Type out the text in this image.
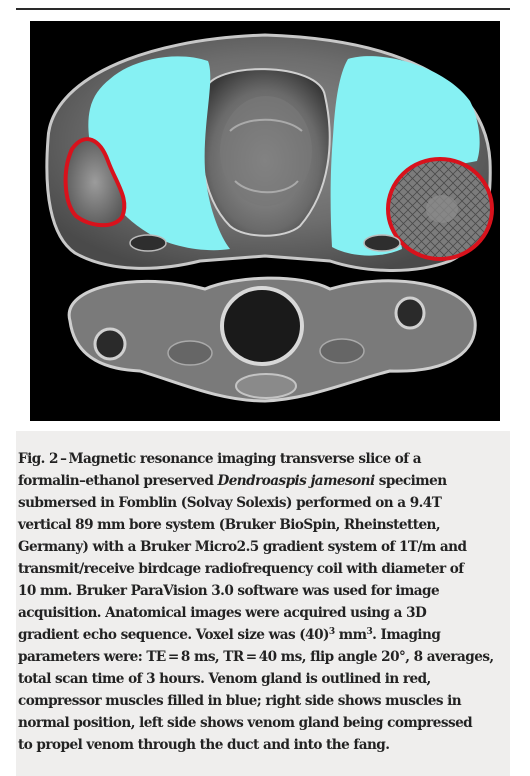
Fig. 2 – Magnetic resonance imaging transverse slice of a
formalin–ethanol preserved Dendroaspis jamesoni specimen
submersed in Fomblin (Solvay Solexis) performed on a 9.4T
vertical 89 mm bore system (Bruker BioSpin, Rheinstetten,
Germany) with a Bruker Micro2.5 gradient system of 1T/m and
transmit/receive birdcage radiofrequency coil with diameter of
10 mm. Bruker ParaVision 3.0 software was used for image
acquisition. Anatomical images were acquired using a 3D
gradient echo sequence. Voxel size was $(40)^3$ $mm^3$. Imaging
parameters were: TE = 8 ms, TR = 40 ms, flip angle 20°, 8 averages,
total scan time of 3 hours. Venom gland is outlined in red,
compressor muscles filled in blue; right side shows muscles in
normal position, left side shows venom gland being compressed
to propel venom through the duct and into the fang.
